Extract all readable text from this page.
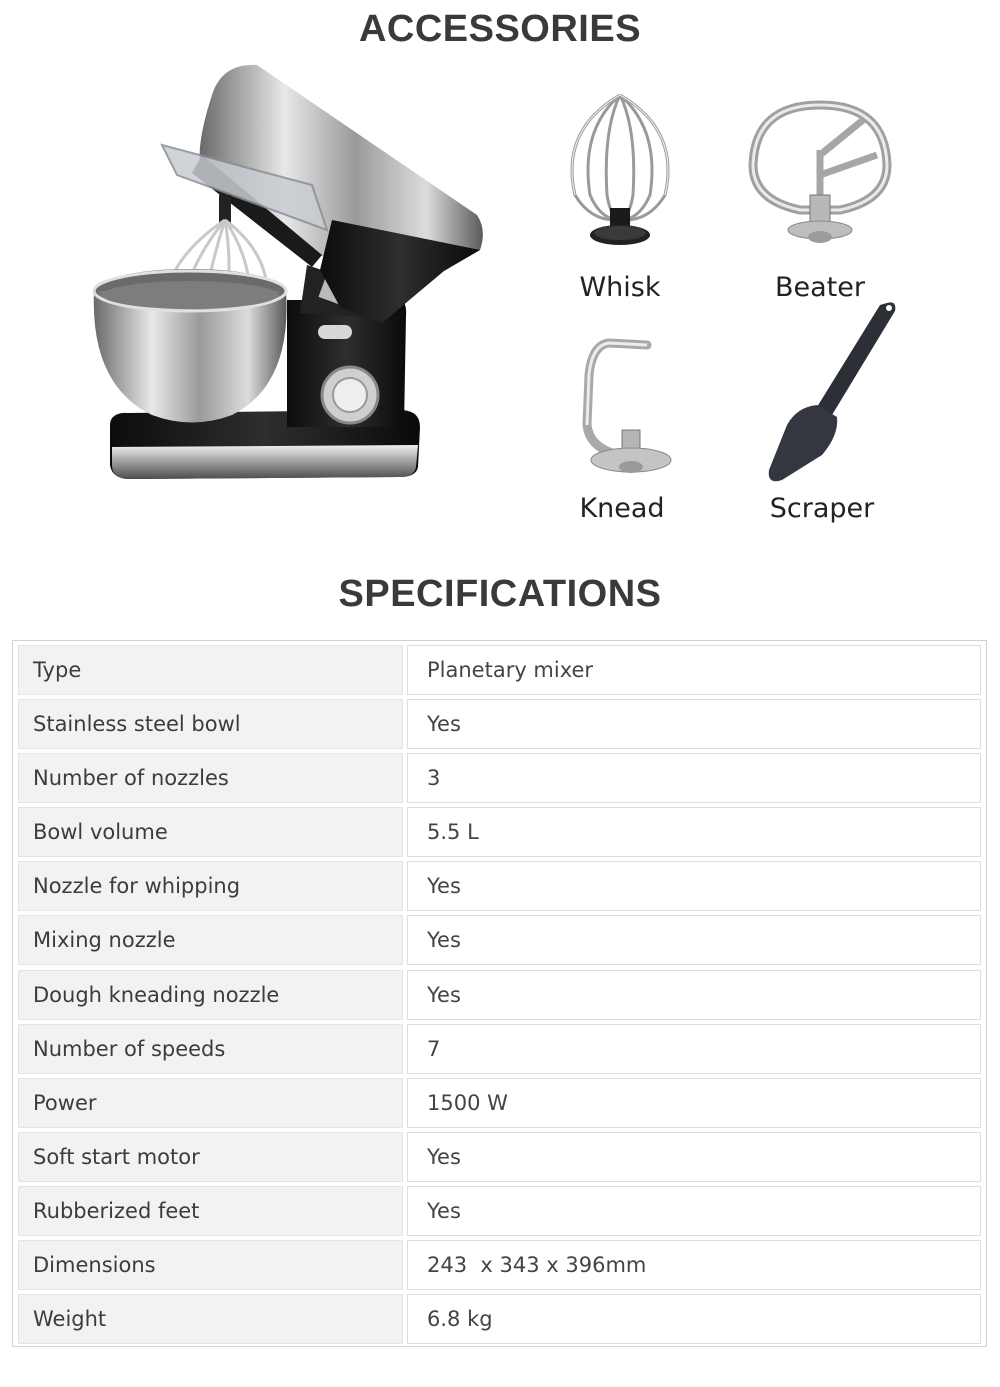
ACCESSORIES
Whisk	Beater
Knead	Scraper
SPECIFICATIONS
Type	Planetary mixer
Stainless steel bowl	Yes
Number of nozzles	3
Bowl volume	5.5 L
Nozzle for whipping	Yes
Mixing nozzle	Yes
Dough kneading nozzle	Yes
Number of speeds	7
Power	1500 W
Soft start motor	Yes
Rubberized feet	Yes
Dimensions	243  x 343 x 396mm
Weight	6.8 kg
